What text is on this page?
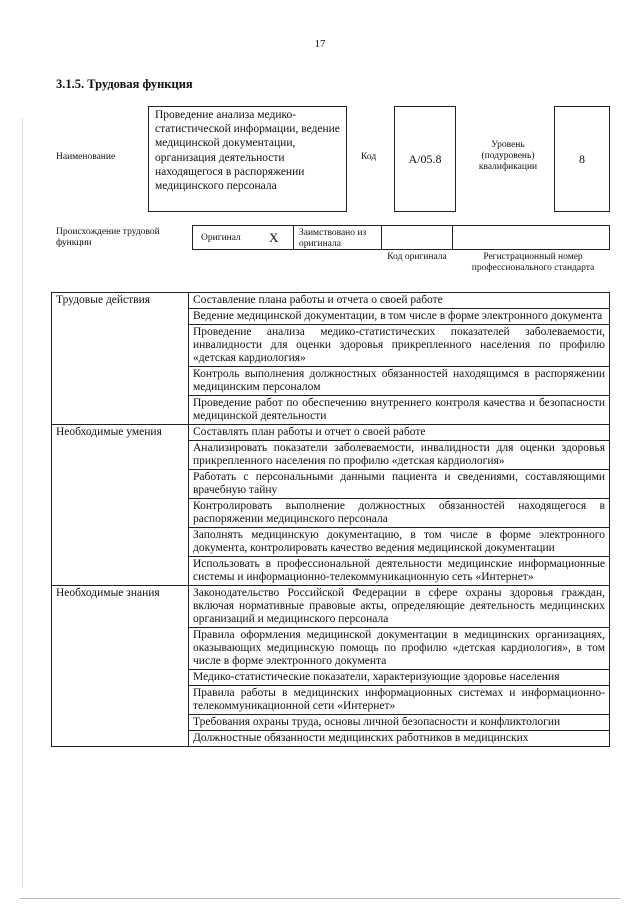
17
3.1.5. Трудовая функция
Наименование
Проведение анализа медико-статистической информации, ведение медицинской документации, организация деятельности находящегося в распоряжении медицинского персонала
Код	A/05.8
Уровень (подуровень) квалификации
8
Происхождение трудовой функции	Оригинал X Заимствовано из оригинала
Код оригинала	Регистрационный номер профессионального стандарта
Трудовые действия	Составление плана работы и отчета о своей работе
	Ведение медицинской документации, в том числе в форме электронного документа
	Проведение анализа медико-статистических показателей заболеваемости, инвалидности для оценки здоровья прикрепленного населения по профилю «детская кардиология»
	Контроль выполнения должностных обязанностей находящимся в распоряжении медицинским персоналом
	Проведение работ по обеспечению внутреннего контроля качества и безопасности медицинской деятельности
Необходимые умения	Составлять план работы и отчет о своей работе
	Анализировать показатели заболеваемости, инвалидности для оценки здоровья прикрепленного населения по профилю «детская кардиология»
	Работать с персональными данными пациента и сведениями, составляющими врачебную тайну
	Контролировать выполнение должностных обязанностей находящегося в распоряжении медицинского персонала
	Заполнять медицинскую документацию, в том числе в форме электронного документа, контролировать качество ведения медицинской документации
	Использовать в профессиональной деятельности медицинские информационные системы и информационно-телекоммуникационную сеть «Интернет»
Необходимые знания	Законодательство Российской Федерации в сфере охраны здоровья граждан, включая нормативные правовые акты, определяющие деятельность медицинских организаций и медицинского персонала
	Правила оформления медицинской документации в медицинских организациях, оказывающих медицинскую помощь по профилю «детская кардиология», в том числе в форме электронного документа
	Медико-статистические показатели, характеризующие здоровье населения
	Правила работы в медицинских информационных системах и информационно-телекоммуникационной сети «Интернет»
	Требования охраны труда, основы личной безопасности и конфликтологии
	Должностные обязанности медицинских работников в медицинских
